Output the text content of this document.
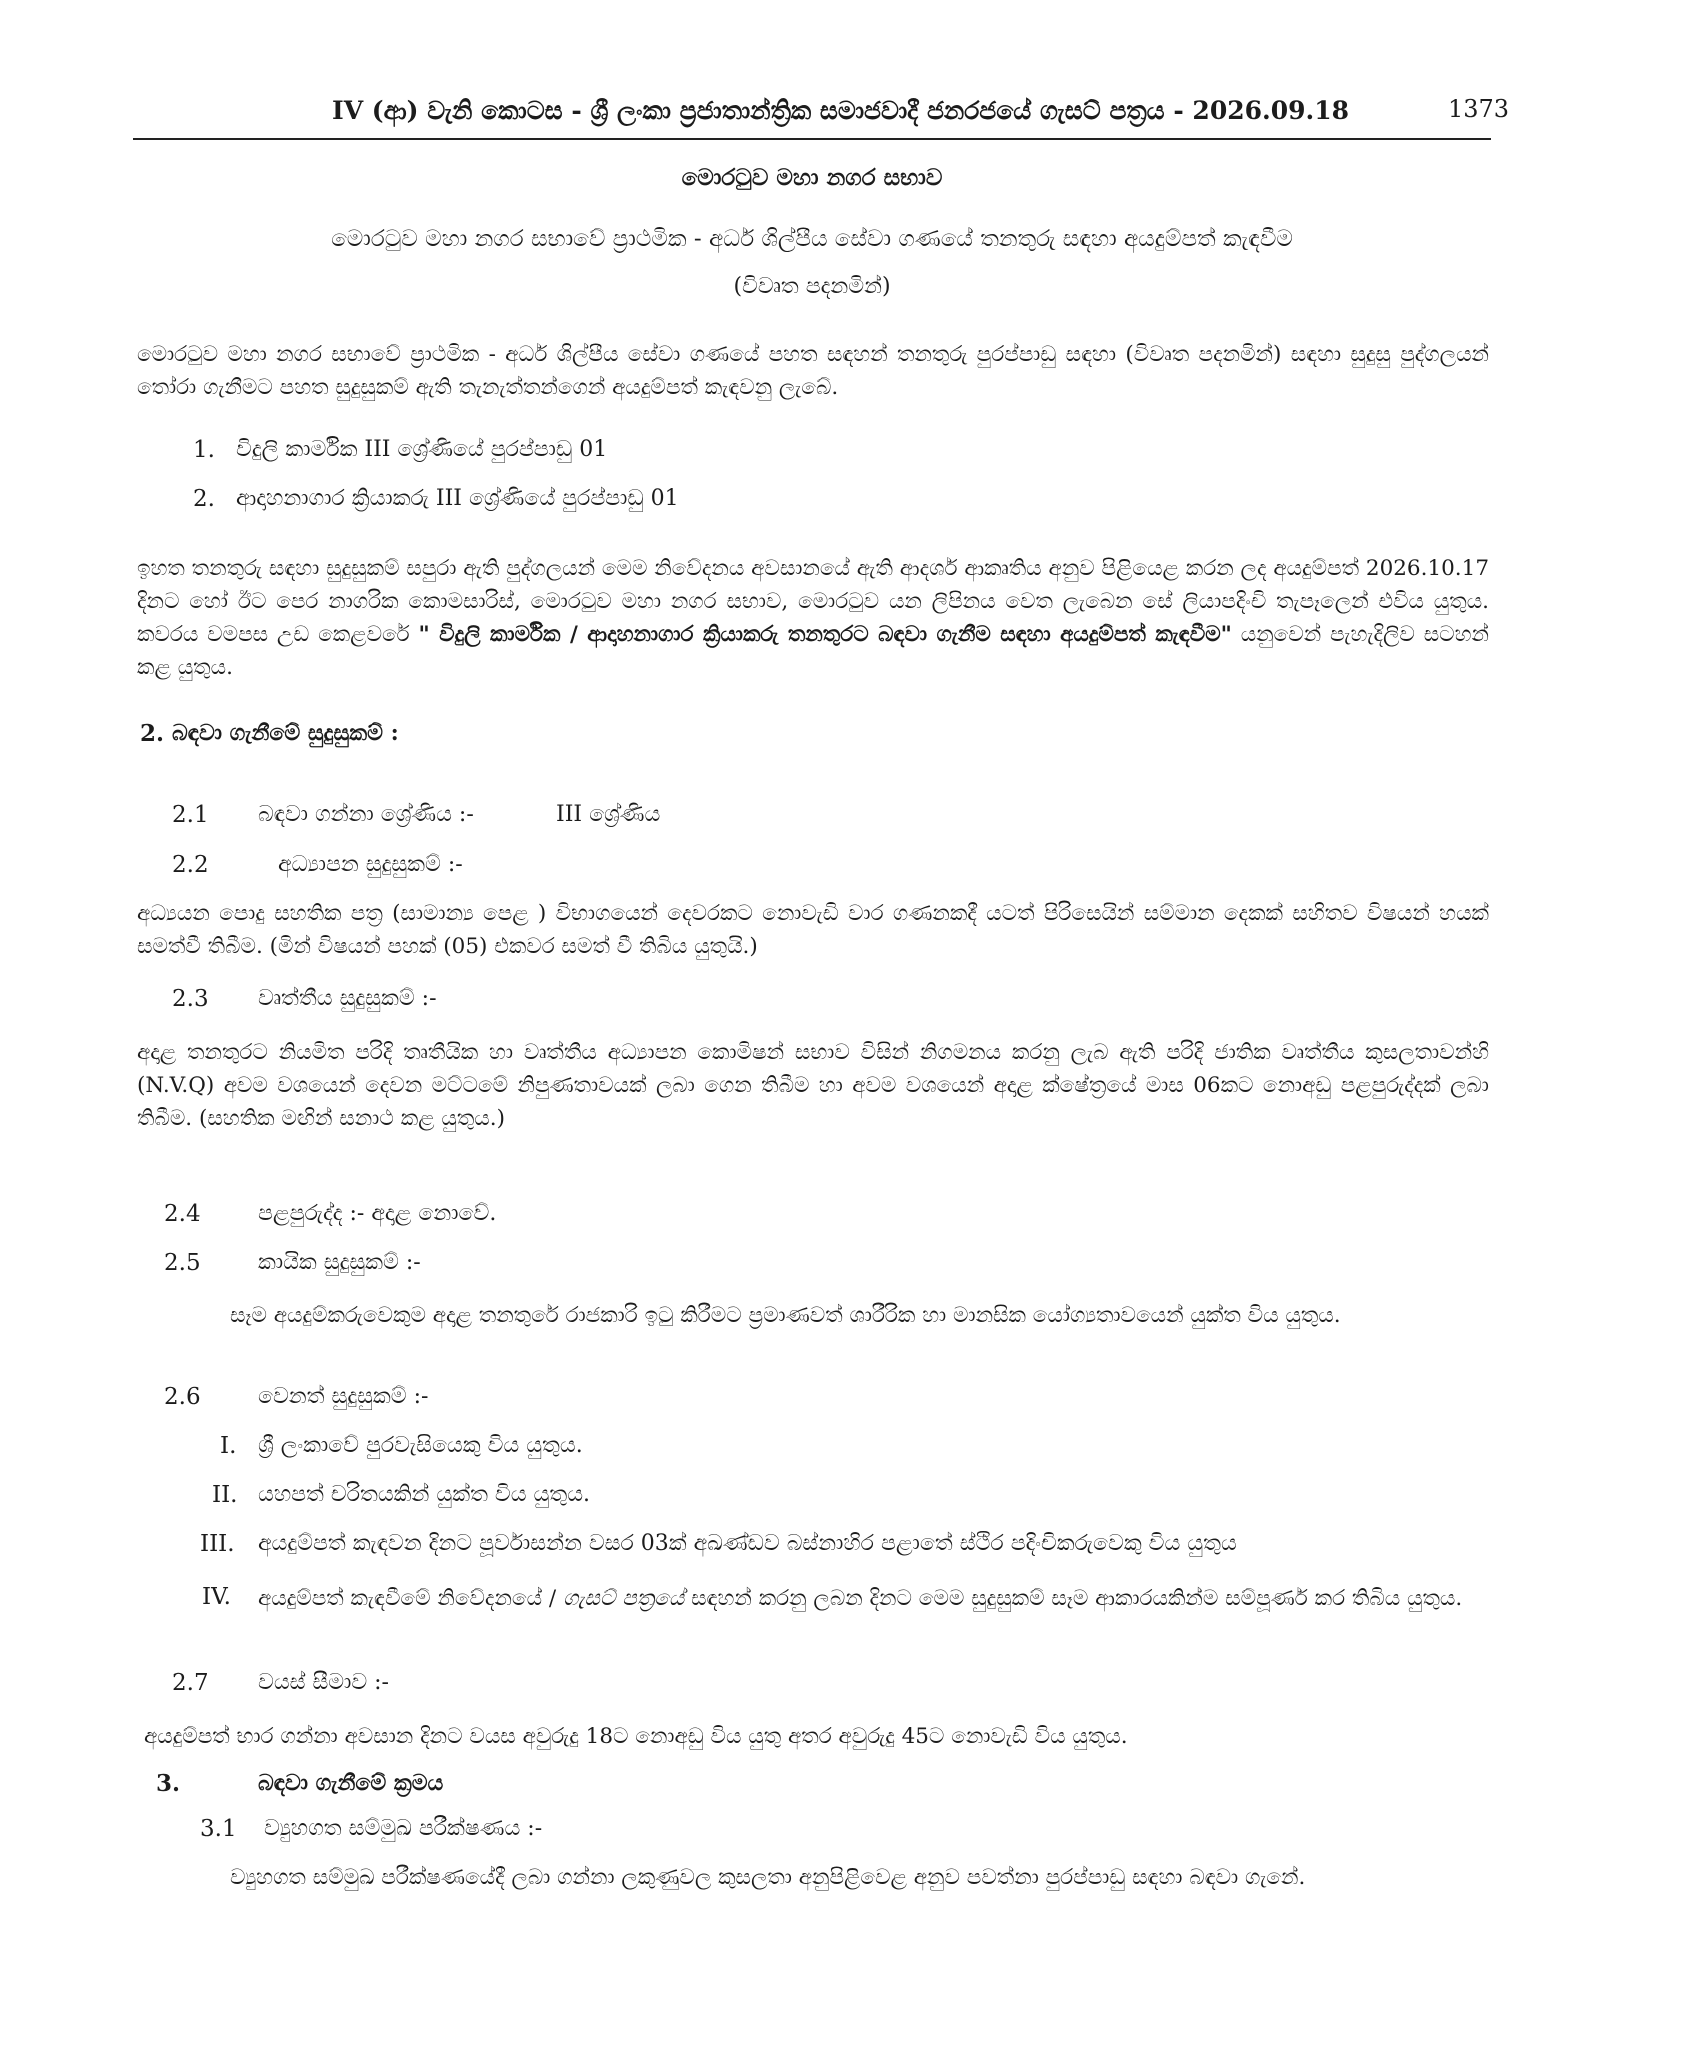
IV (ආ) වැනි කොටස - ශ්‍රී ලංකා ප්‍රජාතාන්ත්‍රික සමාජවාදී ජනරජයේ ගැසට් පත්‍රය - 2026.09.18	1373
මොරටුව මහා නගර සභාව
මොරටුව මහා නගර සභාවේ ප්‍රාථමික - අර්ධ ශිල්පීය සේවා ගණයේ තනතුරු සඳහා අයදුම්පත් කැඳවීම
(විවෘත පදනමින්)
මොරටුව මහා නගර සභාවේ ප්‍රාථමික - අර්ධ ශිල්පීය සේවා ගණයේ පහත සඳහන් තනතුරු පුරප්පාඩු සඳහා (විවෘත පදනමින්) සඳහා සුදුසු පුද්ගලයන් තෝරා ගැනීමට පහත සුදුසුකම් ඇති තැනැත්තන්ගෙන් අයදුම්පත් කැඳවනු ලැබේ.
1. විදුලි කාර්මික III ශ්‍රේණියේ පුරප්පාඩු 01
2. ආදාහනාගාර ක්‍රියාකරු III ශ්‍රේණියේ පුරප්පාඩු 01
ඉහත තනතුරු සඳහා සුදුසුකම් සපුරා ඇති පුද්ගලයන් මෙම නිවේදනය අවසානයේ ඇති ආදර්ශ ආකෘතිය අනුව පිළියෙළ කරන ලද අයදුම්පත් 2026.10.17 දිනට හෝ ඊට පෙර නාගරික කොමසාරිස්, මොරටුව මහා නගර සභාව, මොරටුව යන ලිපිනය වෙත ලැබෙන සේ ලියාපදිංචි තැපෑලෙන් එවිය යුතුය. කවරය වමපස උඩ කෙළවරේ " විදුලි කාර්මික / ආදාහනාගාර ක්‍රියාකරු තනතුරට බඳවා ගැනීම සඳහා අයදුම්පත් කැඳවීම" යනුවෙන් පැහැදිලිව සටහන් කළ යුතුය.
2. බඳවා ගැනීමේ සුදුසුකම් :
2.1 බඳවා ගන්නා ශ්‍රේණිය :-	III ශ්‍රේණිය
2.2	අධ්‍යාපන සුදුසුකම් :-
අධ්‍යයන පොදු සහතික පත්‍ර (සාමාන්‍ය පෙළ ) විභාගයෙන් දෙවරකට නොවැඩි වාර ගණනකදී යටත් පිරිසෙයින් සම්මාන දෙකක් සහිතව විෂයන් හයක් සමත්වී තිබීම. (මින් විෂයන් පහක් (05) එකවර සමත් වී තිබිය යුතුයි.)
2.3 වෘත්තීය සුදුසුකම් :-
අදාළ තනතුරට නියමිත පරිදි තෘතීයික හා වෘත්තීය අධ්‍යාපන කොමිෂන් සභාව විසින් නිගමනය කරනු ලැබ ඇති පරිදි ජාතික වෘත්තීය කුසලතාවන්හි (N.V.Q) අවම වශයෙන් දෙවන මට්ටමේ නිපුණතාවයක් ලබා ගෙන තිබීම හා අවම වශයෙන් අදාළ ක්ෂේත්‍රයේ මාස 06කට නොඅඩු පළපුරුද්දක් ලබා තිබීම. (සහතික මඟින් සනාථ කළ යුතුය.)
2.4	පළපුරුද්ද :- අදාළ නොවේ.
2.5	කායික සුදුසුකම් :-
සෑම අයදුම්කරුවෙකුම අදාළ තනතුරේ රාජකාරි ඉටු කිරීමට ප්‍රමාණවත් ශාරීරික හා මානසික යෝග්‍යතාවයෙන් යුක්ත විය යුතුය.
2.6	වෙනත් සුදුසුකම් :-
I. ශ්‍රී ලංකාවේ පුරවැසියෙකු විය යුතුය.
II. යහපත් චරිතයකින් යුක්ත විය යුතුය.
III. අයදුම්පත් කැඳවන දිනට පූර්වාසන්න වසර 03ක් අඛණ්ඩව බස්නාහිර පළාතේ ස්ථිර පදිංචිකරුවෙකු විය යුතුය
IV. අයදුම්පත් කැඳවීමේ නිවේදනයේ / ගැසට් පත්‍රයේ සඳහන් කරනු ලබන දිනට මෙම සුදුසුකම් සෑම ආකාරයකින්ම සම්පූර්ණ කර තිබිය යුතුය.
2.7 වයස් සීමාව :-
අයදුම්පත් භාර ගන්නා අවසාන දිනට වයස අවුරුදු 18ට නොඅඩු විය යුතු අතර අවුරුදු 45ට නොවැඩි විය යුතුය.
3.	බඳවා ගැනීමේ ක්‍රමය
3.1 ව්‍යුහගත සම්මුඛ පරීක්ෂණය :-
ව්‍යුහගත සම්මුඛ පරීක්ෂණයේදී ලබා ගන්නා ලකුණුවල කුසලතා අනුපිළිවෙළ අනුව පවත්නා පුරප්පාඩු සඳහා බඳවා ගැනේ.
